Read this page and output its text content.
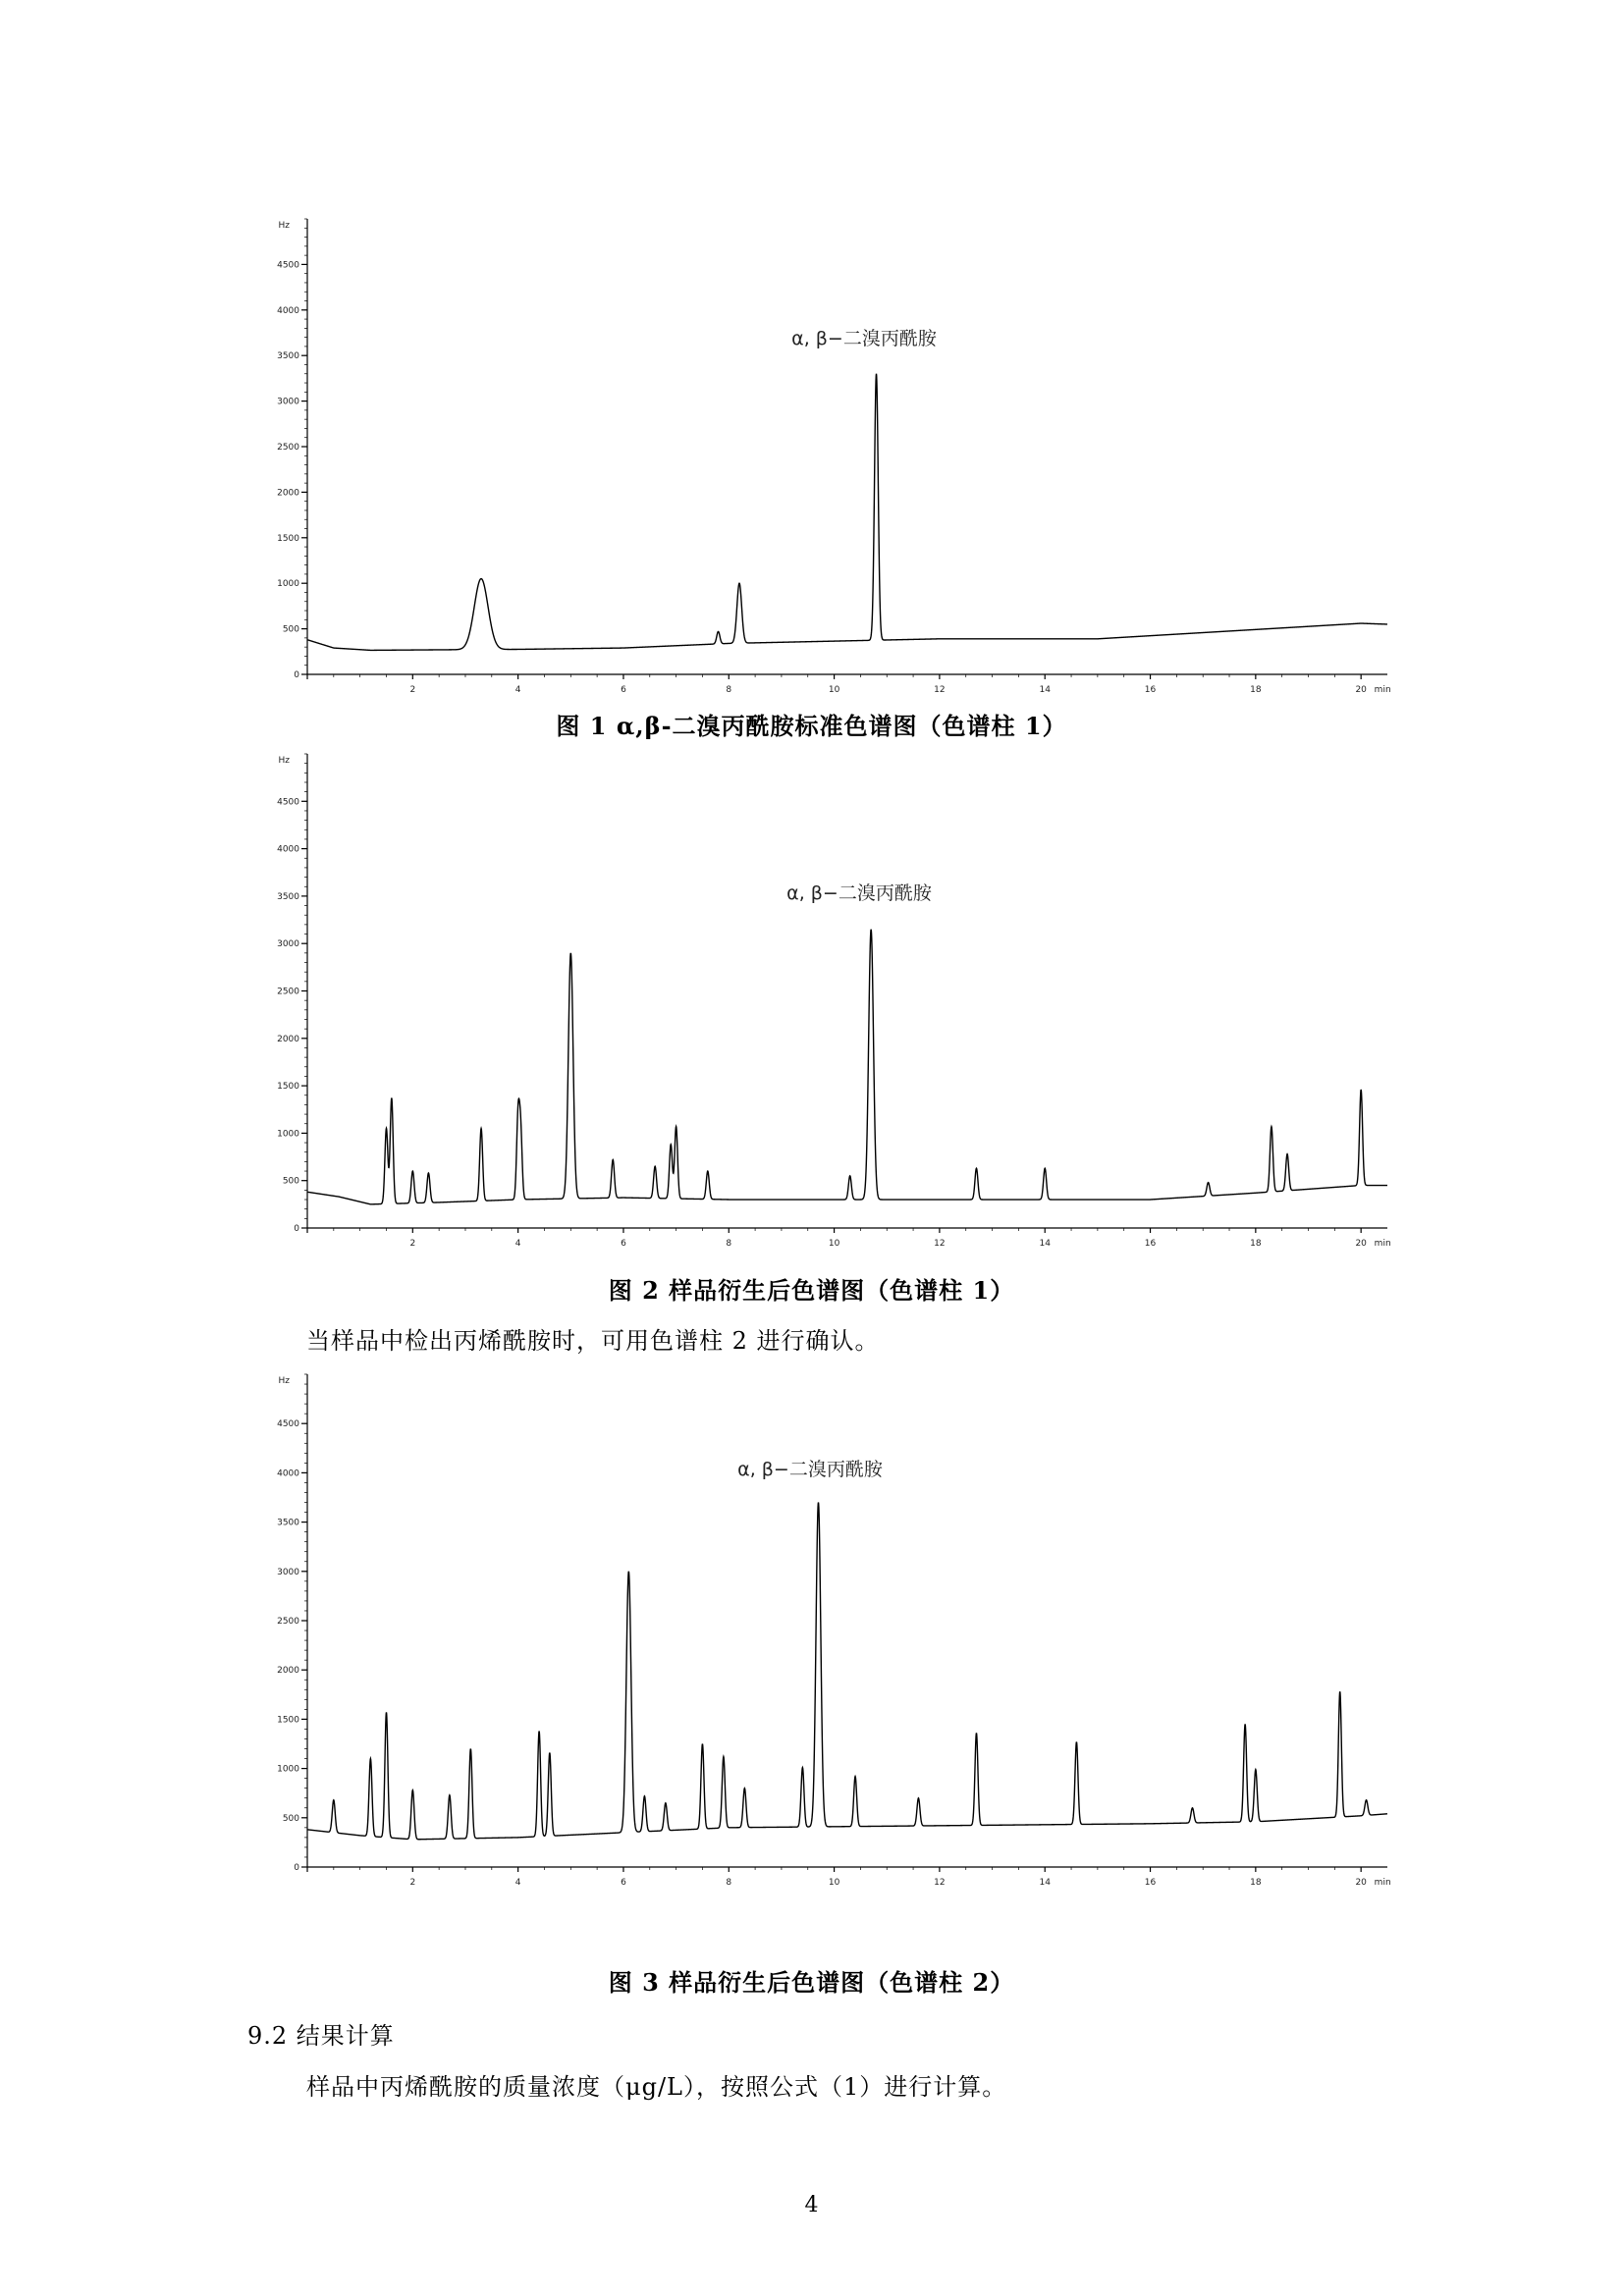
Hz
4500
4000
3500
3000
2500
2000
1500
1000
500
0
2	4	6	8	10	12	14	16	18	20 min
α, β−二溴丙酰胺
图 1 α,β-二溴丙酰胺标准色谱图（色谱柱 1）
Hz
4500
4000
3500
3000
2500
2000
1500
1000
500
0
2	4	6	8	10	12	14	16	18	20 min
α, β−二溴丙酰胺
图 2 样品衍生后色谱图（色谱柱 1）
当样品中检出丙烯酰胺时，可用色谱柱 2 进行确认。
Hz
4500
4000
3500
3000
2500
2000
1500
1000
500
0
2	4	6	8	10	12	14	16	18	20 min
α, β−二溴丙酰胺
图 3 样品衍生后色谱图（色谱柱 2）
9.2 结果计算
样品中丙烯酰胺的质量浓度（μg/L），按照公式（1）进行计算。
4
